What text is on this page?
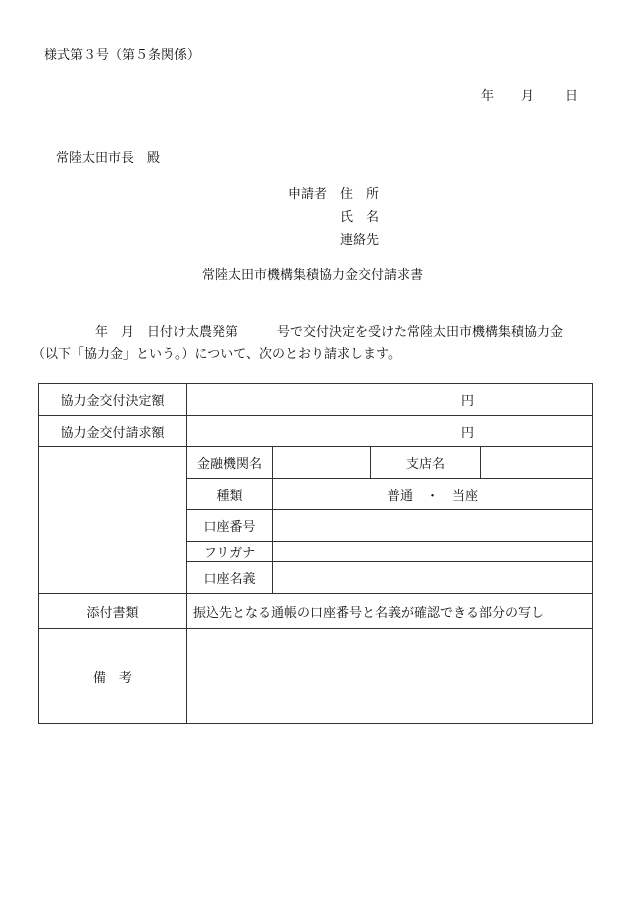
様式第３号（第５条関係）
年 月 日
常陸太田市長　殿
申請者 住　所
氏　名
連絡先
常陸太田市機構集積協力金交付請求書
年　月　日付け太農発第　　　号で交付決定を受けた常陸太田市機構集積協力金
（以下「協力金」という。）について、次のとおり請求します。
協力金交付決定額	円			
協力金交付請求額	円			
	金融機関名		支店名	
	種類	普通　・　当座		
	口座番号			
	フリガナ			
	口座名義			
添付書類	振込先となる通帳の口座番号と名義が確認できる部分の写し			
備　考				
